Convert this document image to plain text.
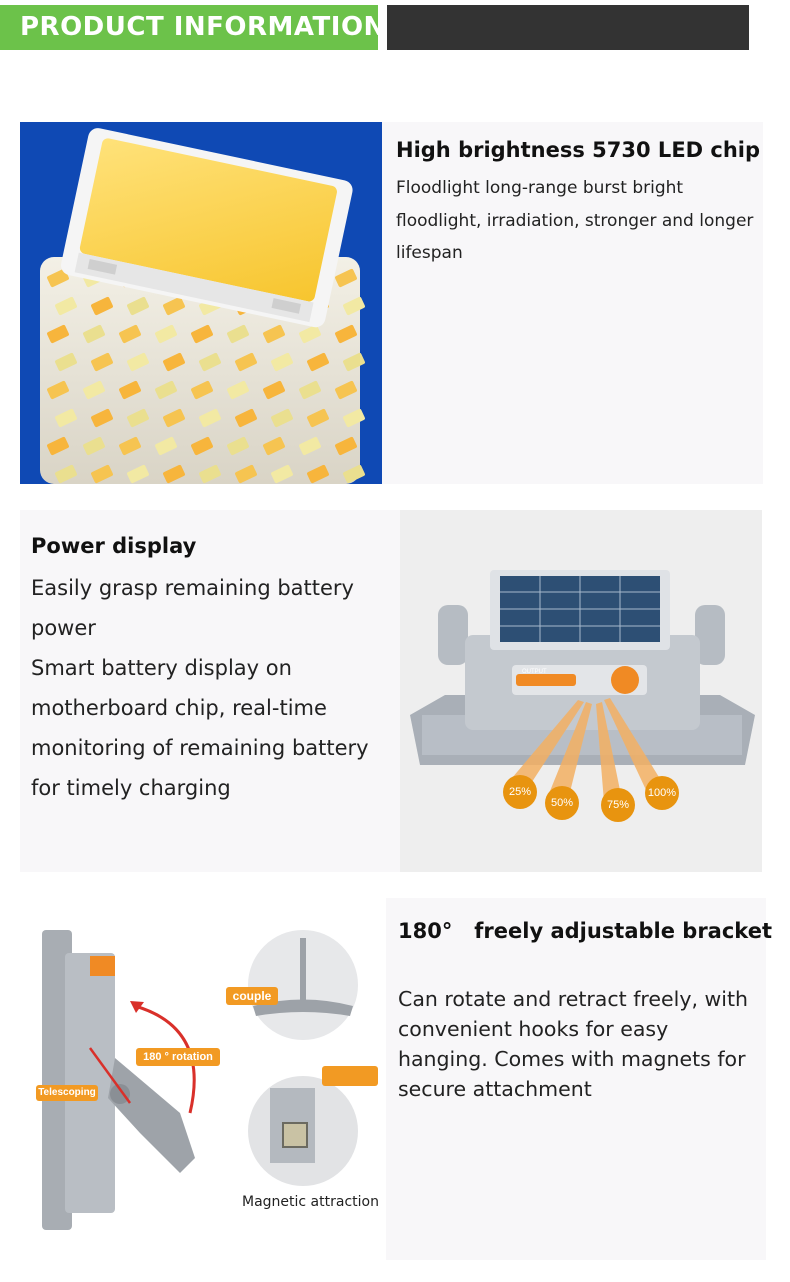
PRODUCT INFORMATION
High brightness 5730 LED chip
Floodlight long-range burst bright floodlight, irradiation, stronger and longer lifespan
Power display
Easily grasp remaining battery
power
Smart battery display on
motherboard chip, real-time
monitoring of remaining battery
for timely charging	25%
50%	75%
100%
OUTPUT
180 ° rotation
Telescoping
couple
Magnetic attraction
180°   freely adjustable bracket
Can rotate and retract freely, with convenient hooks for easy hanging. Comes with magnets for secure attachment
